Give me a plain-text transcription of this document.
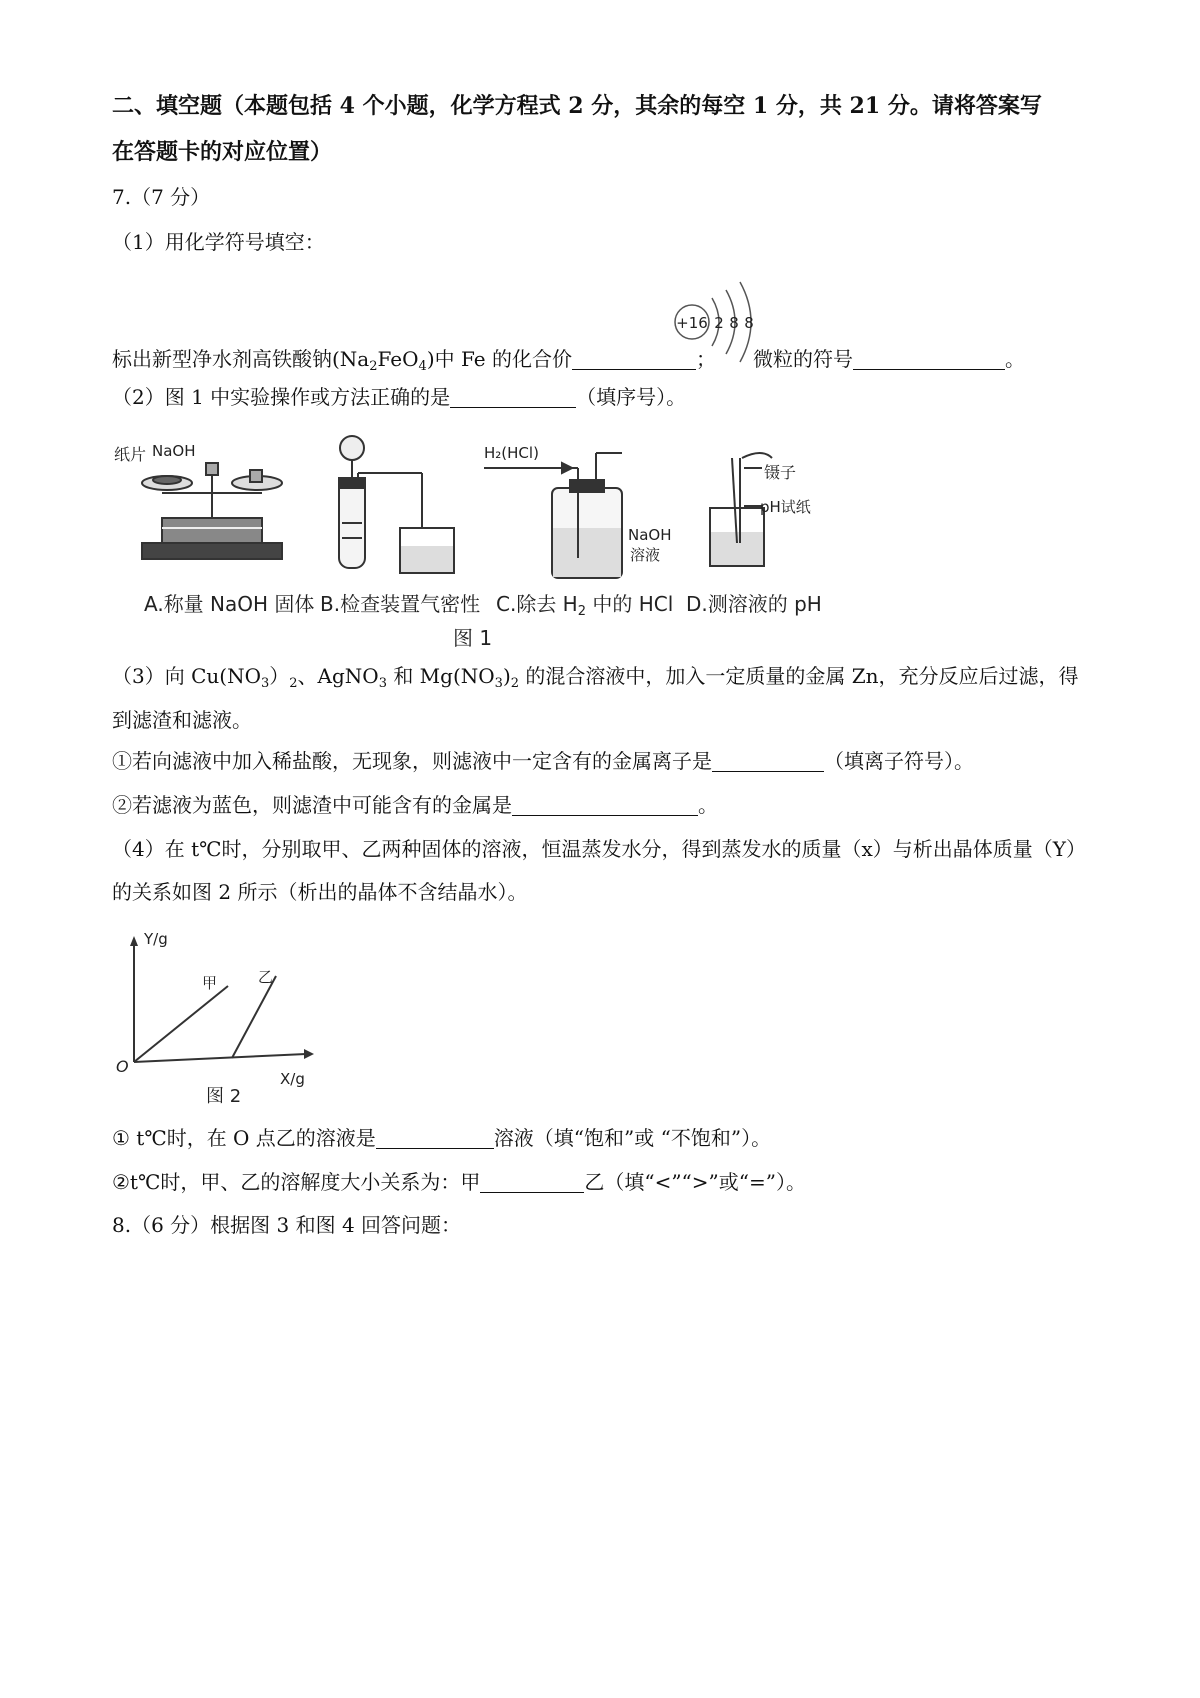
二、填空题（本题包括 4 个小题，化学方程式 2 分，其余的每空 1 分，共 21 分。请将答案写
在答题卡的对应位置）
7.（7 分）
（1）用化学符号填空：
+16 2 8 8
标出新型净水剂高铁酸钠$(Na_2FeO_4)$中 Fe 的化合价	； 微粒的符号	。
（2）图 1 中实验操作或方法正确的是	（填序号）。
纸片 NaOH	H₂(HCl)
NaOH
溶液
镊子
pH试纸
A.称量 NaOH 固体 B.检查装置气密性 C.除去 $H_2$ 中的 HCl D.测溶液的 pH
图 1
（3）向 $Cu(NO_3)_2$、AgNO$_3$ 和 $Mg(NO_3)_2$ 的混合溶液中，加入一定质量的金属 Zn，充分反应后过滤，得
到滤渣和滤液。
①若向滤液中加入稀盐酸，无现象，则滤液中一定含有的金属离子是	（填离子符号）。
②若滤液为蓝色，则滤渣中可能含有的金属是	。
（4）在 t℃时，分别取甲、乙两种固体的溶液，恒温蒸发水分，得到蒸发水的质量（x）与析出晶体质量（Y）
的关系如图 2 所示（析出的晶体不含结晶水）。
Y/g
X/g
O
甲	乙
图 2
① t℃时，在 O 点乙的溶液是	溶液（填“饱和”或 “不饱和”）。
②t℃时，甲、乙的溶解度大小关系为：甲	乙（填“<”“>”或“=”）。
8.（6 分）根据图 3 和图 4 回答问题：
